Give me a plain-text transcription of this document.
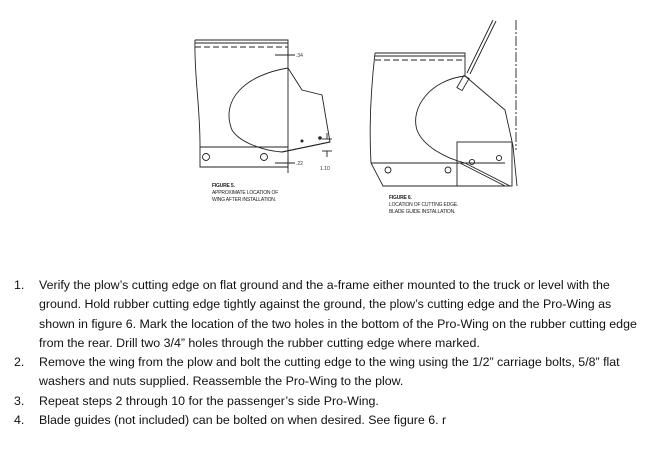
.34
.22
1.10
FIGURE 5.
APPROXIMATE LOCATION OF
WING AFTER INSTALLATION.	FIGURE 6.
LOCATION OF CUTTING EDGE.
BLADE GUIDE INSTALLATION.
1. Verify the plow’s cutting edge on flat ground and the a-frame either mounted to the truck or level with the ground. Hold rubber cutting edge tightly against the ground, the plow’s cutting edge and the Pro-Wing as shown in figure 6. Mark the location of the two holes in the bottom of the Pro-Wing on the rubber cutting edge from the rear. Drill two 3/4” holes through the rubber cutting edge where marked.
2. Remove the wing from the plow and bolt the cutting edge to the wing using the 1/2” carriage bolts, 5/8” flat washers and nuts supplied. Reassemble the Pro-Wing to the plow.
3. Repeat steps 2 through 10 for the passenger’s side Pro-Wing.
4. Blade guides (not included) can be bolted on when desired. See figure 6. r
